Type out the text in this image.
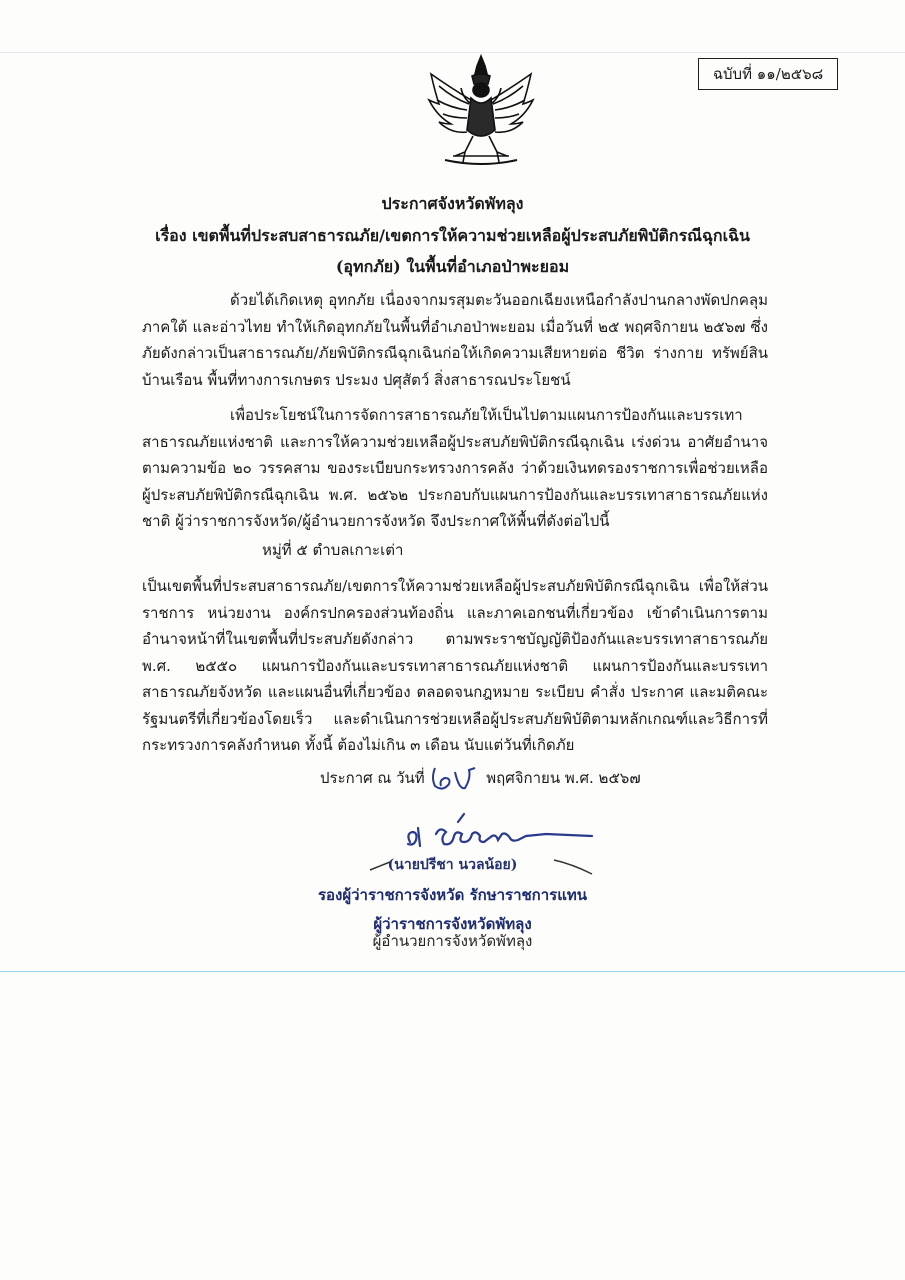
ฉบับที่ ๑๑/๒๕๖๘
ประกาศจังหวัดพัทลุง
เรื่อง เขตพื้นที่ประสบสาธารณภัย/เขตการให้ความช่วยเหลือผู้ประสบภัยพิบัติกรณีฉุกเฉิน
(อุทกภัย) ในพื้นที่อำเภอป่าพะยอม

ด้วยได้เกิดเหตุ อุทกภัย เนื่องจากมรสุมตะวันออกเฉียงเหนือกำลังปานกลางพัดปกคลุมภาคใต้ และอ่าวไทย ทำให้เกิดอุทกภัยในพื้นที่อำเภอป่าพะยอม เมื่อวันที่ ๒๕ พฤศจิกายน ๒๕๖๗ ซึ่งภัยดังกล่าวเป็นสาธารณภัย/ภัยพิบัติกรณีฉุกเฉินก่อให้เกิดความเสียหายต่อ ชีวิต ร่างกาย ทรัพย์สิน บ้านเรือน พื้นที่ทางการเกษตร ประมง ปศุสัตว์ สิ่งสาธารณประโยชน์

เพื่อประโยชน์ในการจัดการสาธารณภัยให้เป็นไปตามแผนการป้องกันและบรรเทาสาธารณภัยแห่งชาติ และการให้ความช่วยเหลือผู้ประสบภัยพิบัติกรณีฉุกเฉิน เร่งด่วน อาศัยอำนาจตามความข้อ ๒๐ วรรคสาม ของระเบียบกระทรวงการคลัง ว่าด้วยเงินทดรองราชการเพื่อช่วยเหลือผู้ประสบภัยพิบัติกรณีฉุกเฉิน พ.ศ. ๒๕๖๒ ประกอบกับแผนการป้องกันและบรรเทาสาธารณภัยแห่งชาติ ผู้ว่าราชการจังหวัด/ผู้อำนวยการจังหวัด จึงประกาศให้พื้นที่ดังต่อไปนี้

หมู่ที่ ๕ ตำบลเกาะเต่า

เป็นเขตพื้นที่ประสบสาธารณภัย/เขตการให้ความช่วยเหลือผู้ประสบภัยพิบัติกรณีฉุกเฉิน เพื่อให้ส่วนราชการ หน่วยงาน องค์กรปกครองส่วนท้องถิ่น และภาคเอกชนที่เกี่ยวข้อง เข้าดำเนินการตามอำนาจหน้าที่ในเขตพื้นที่ประสบภัยดังกล่าว ตามพระราชบัญญัติป้องกันและบรรเทาสาธารณภัย พ.ศ. ๒๕๕๐ แผนการป้องกันและบรรเทาสาธารณภัยแห่งชาติ แผนการป้องกันและบรรเทาสาธารณภัยจังหวัด และแผนอื่นที่เกี่ยวข้อง ตลอดจนกฎหมาย ระเบียบ คำสั่ง ประกาศ และมติคณะรัฐมนตรีที่เกี่ยวข้องโดยเร็ว และดำเนินการช่วยเหลือผู้ประสบภัยพิบัติตามหลักเกณฑ์และวิธีการที่กระทรวงการคลังกำหนด ทั้งนี้ ต้องไม่เกิน ๓ เดือน นับแต่วันที่เกิดภัย

ประกาศ ณ วันที่	พฤศจิกายน พ.ศ. ๒๕๖๗
(นายปรีชา นวลน้อย)
รองผู้ว่าราชการจังหวัด รักษาราชการแทน
ผู้ว่าราชการจังหวัดพัทลุง
ผู้อำนวยการจังหวัดพัทลุง
